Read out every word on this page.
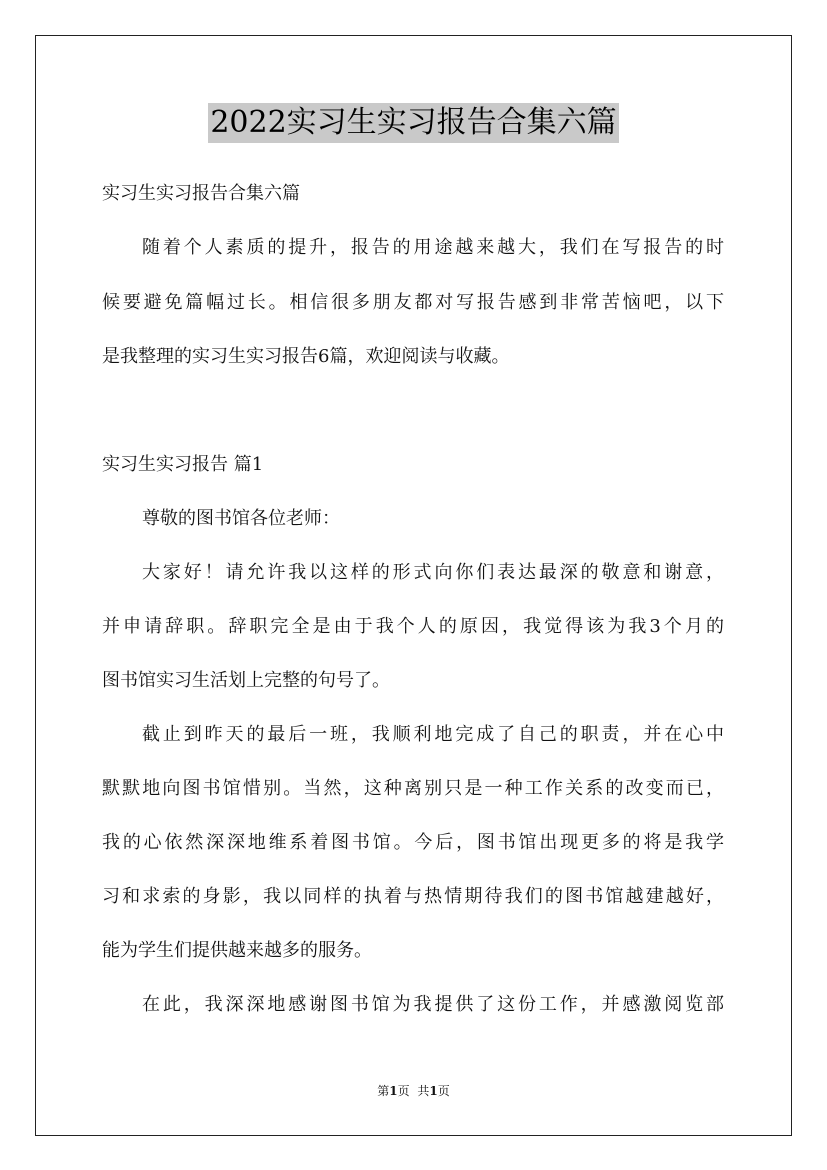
2022实习生实习报告合集六篇
实习生实习报告合集六篇
随着个人素质的提升，报告的用途越来越大，我们在写报告的时
候要避免篇幅过长。相信很多朋友都对写报告感到非常苦恼吧，以下
是我整理的实习生实习报告6篇，欢迎阅读与收藏。
实习生实习报告 篇1
尊敬的图书馆各位老师：
大家好！请允许我以这样的形式向你们表达最深的敬意和谢意，
并申请辞职。辞职完全是由于我个人的原因，我觉得该为我3个月的
图书馆实习生活划上完整的句号了。
截止到昨天的最后一班，我顺利地完成了自己的职责，并在心中
默默地向图书馆惜别。当然，这种离别只是一种工作关系的改变而已，
我的心依然深深地维系着图书馆。今后，图书馆出现更多的将是我学
习和求索的身影，我以同样的执着与热情期待我们的图书馆越建越好，
能为学生们提供越来越多的服务。
在此，我深深地感谢图书馆为我提供了这份工作，并感激阅览部
第1页 共1页
